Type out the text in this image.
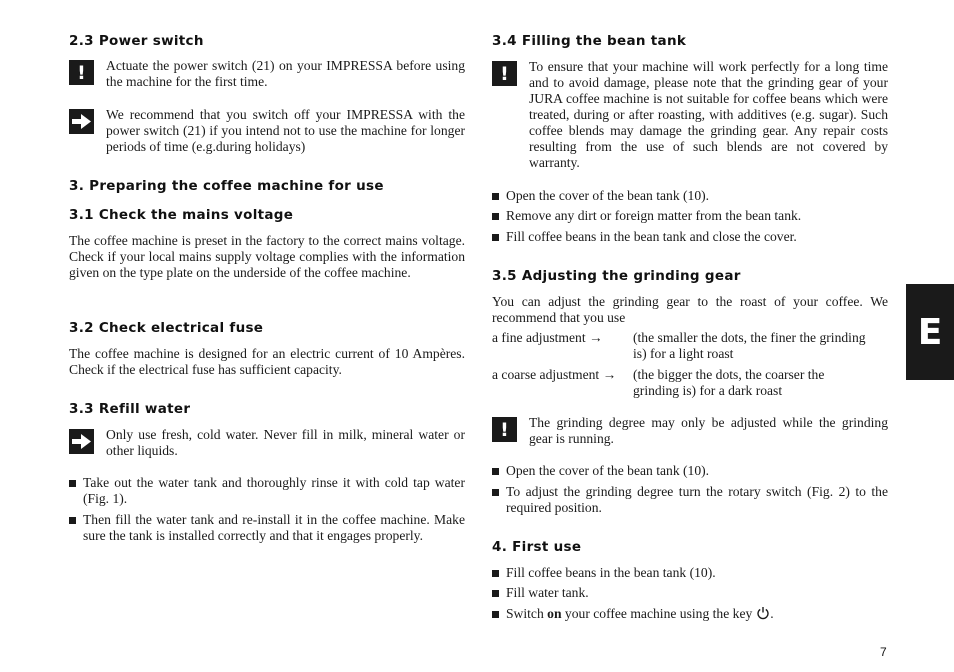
2.3 Power switch
!	Actuate the power switch (21) on your IMPRESSA before using the machine for the first time.

We recommend that you switch off your IMPRESSA with the power switch (21) if you intend not to use the machine for longer periods of time (e.g.during holidays)

3. Preparing the coffee machine for use
3.1 Check the mains voltage

The coffee machine is preset in the factory to the correct mains voltage. Check if your local mains supply voltage complies with the information given on the type plate on the underside of the coffee machine.

3.2 Check electrical fuse

The coffee machine is designed for an electric current of 10 Ampères. Check if the electrical fuse has sufficient capacity.

3.3 Refill water

Only use fresh, cold water. Never fill in milk, mineral water or other liquids.

Take out the water tank and thoroughly rinse it with cold tap water (Fig. 1).
Then fill the water tank and re-install it in the coffee machine. Make sure the tank is installed correctly and that it engages properly.
3.4 Filling the bean tank
!	To ensure that your machine will work perfectly for a long time and to avoid damage, please note that the grinding gear of your JURA coffee machine is not suitable for coffee beans which were treated, during or after roasting, with additives (e.g. sugar). Such coffee blends may damage the grinding gear. Any repair costs resulting from the use of such blends are not covered by warranty.

Open the cover of the bean tank (10).
Remove any dirt or foreign matter from the bean tank.
Fill coffee beans in the bean tank and close the cover.
3.5 Adjusting the grinding gear

You can adjust the grinding gear to the roast of your coffee. We recommend that you use

a fine adjustment → (the smaller the dots, the finer the grinding is) for a light roast
a coarse adjustment → (the bigger the dots, the coarser the grinding is) for a dark roast
!	The grinding degree may only be adjusted while the grinding gear is running.

Open the cover of the bean tank (10).
To adjust the grinding degree turn the rotary switch (Fig. 2) to the required position.
4. First use
Fill coffee beans in the bean tank (10).
Fill water tank.
Switch on your coffee machine using the key .
E
7
